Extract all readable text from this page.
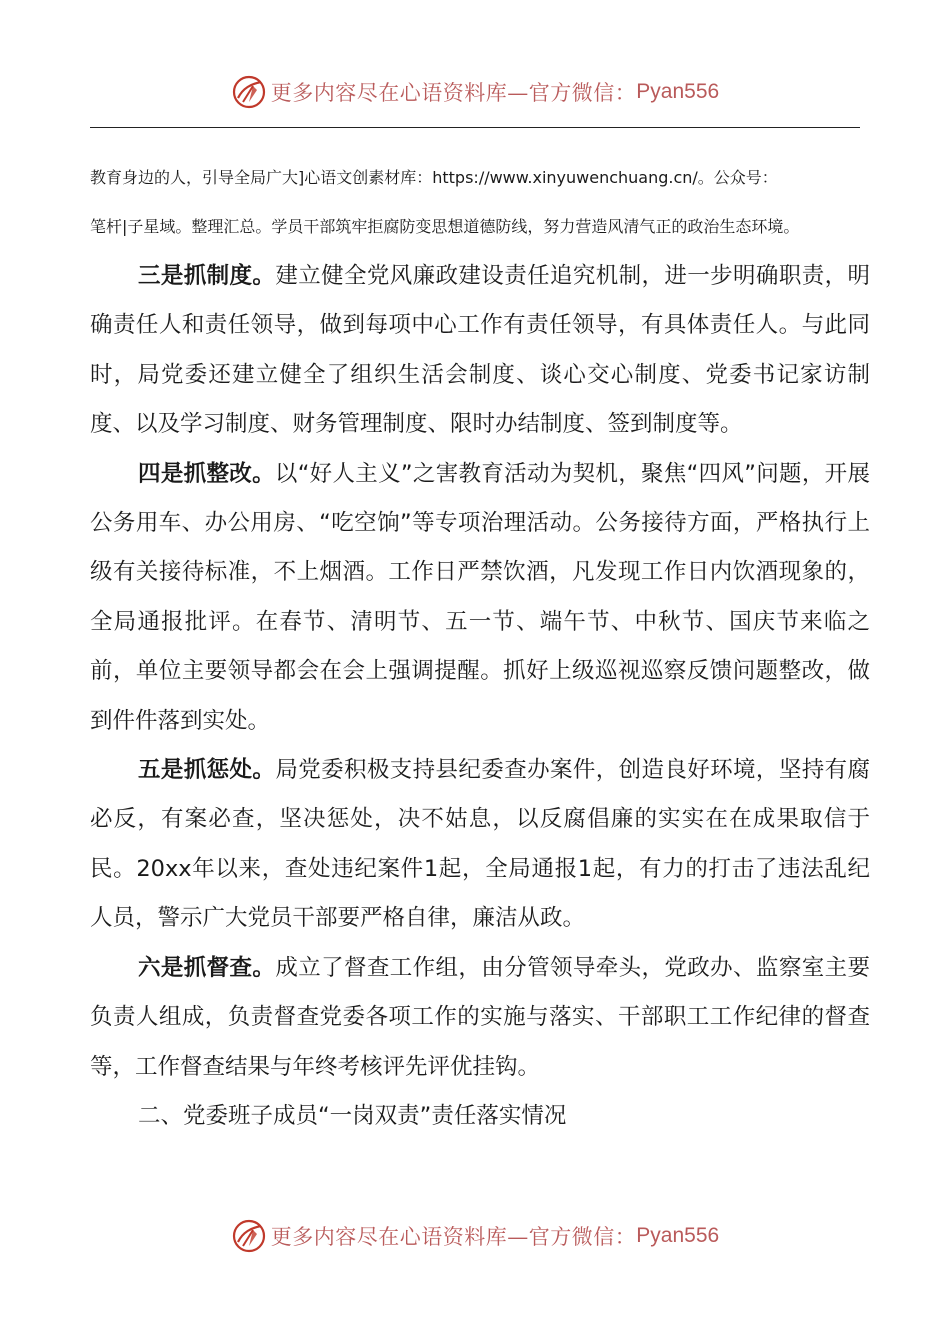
更多内容尽在心语资料库—官方微信： Pyan556
教育身边的人，引导全局广大]心语文创素材库：https://www.xinyuwenchuang.cn/。公众号：
笔杆|子星域。整理汇总。学员干部筑牢拒腐防变思想道德防线，努力营造风清气正的政治生态环境。

三是抓制度。建立健全党风廉政建设责任追究机制，进一步明确职责，明确责任人和责任领导，做到每项中心工作有责任领导，有具体责任人。与此同时，局党委还建立健全了组织生活会制度、谈心交心制度、党委书记家访制度、以及学习制度、财务管理制度、限时办结制度、签到制度等。

四是抓整改。以“好人主义”之害教育活动为契机，聚焦“四风”问题，开展公务用车、办公用房、“吃空饷”等专项治理活动。公务接待方面，严格执行上级有关接待标准，不上烟酒。工作日严禁饮酒，凡发现工作日内饮酒现象的，全局通报批评。在春节、清明节、五一节、端午节、中秋节、国庆节来临之前，单位主要领导都会在会上强调提醒。抓好上级巡视巡察反馈问题整改，做到件件落到实处。

五是抓惩处。局党委积极支持县纪委查办案件，创造良好环境，坚持有腐必反，有案必查，坚决惩处，决不姑息，以反腐倡廉的实实在在成果取信于民。20xx年以来，查处违纪案件1起，全局通报1起，有力的打击了违法乱纪人员，警示广大党员干部要严格自律，廉洁从政。

六是抓督查。成立了督查工作组，由分管领导牵头，党政办、监察室主要负责人组成，负责督查党委各项工作的实施与落实、干部职工工作纪律的督查等，工作督查结果与年终考核评先评优挂钩。

二、党委班子成员“一岗双责”责任落实情况

更多内容尽在心语资料库—官方微信： Pyan556
